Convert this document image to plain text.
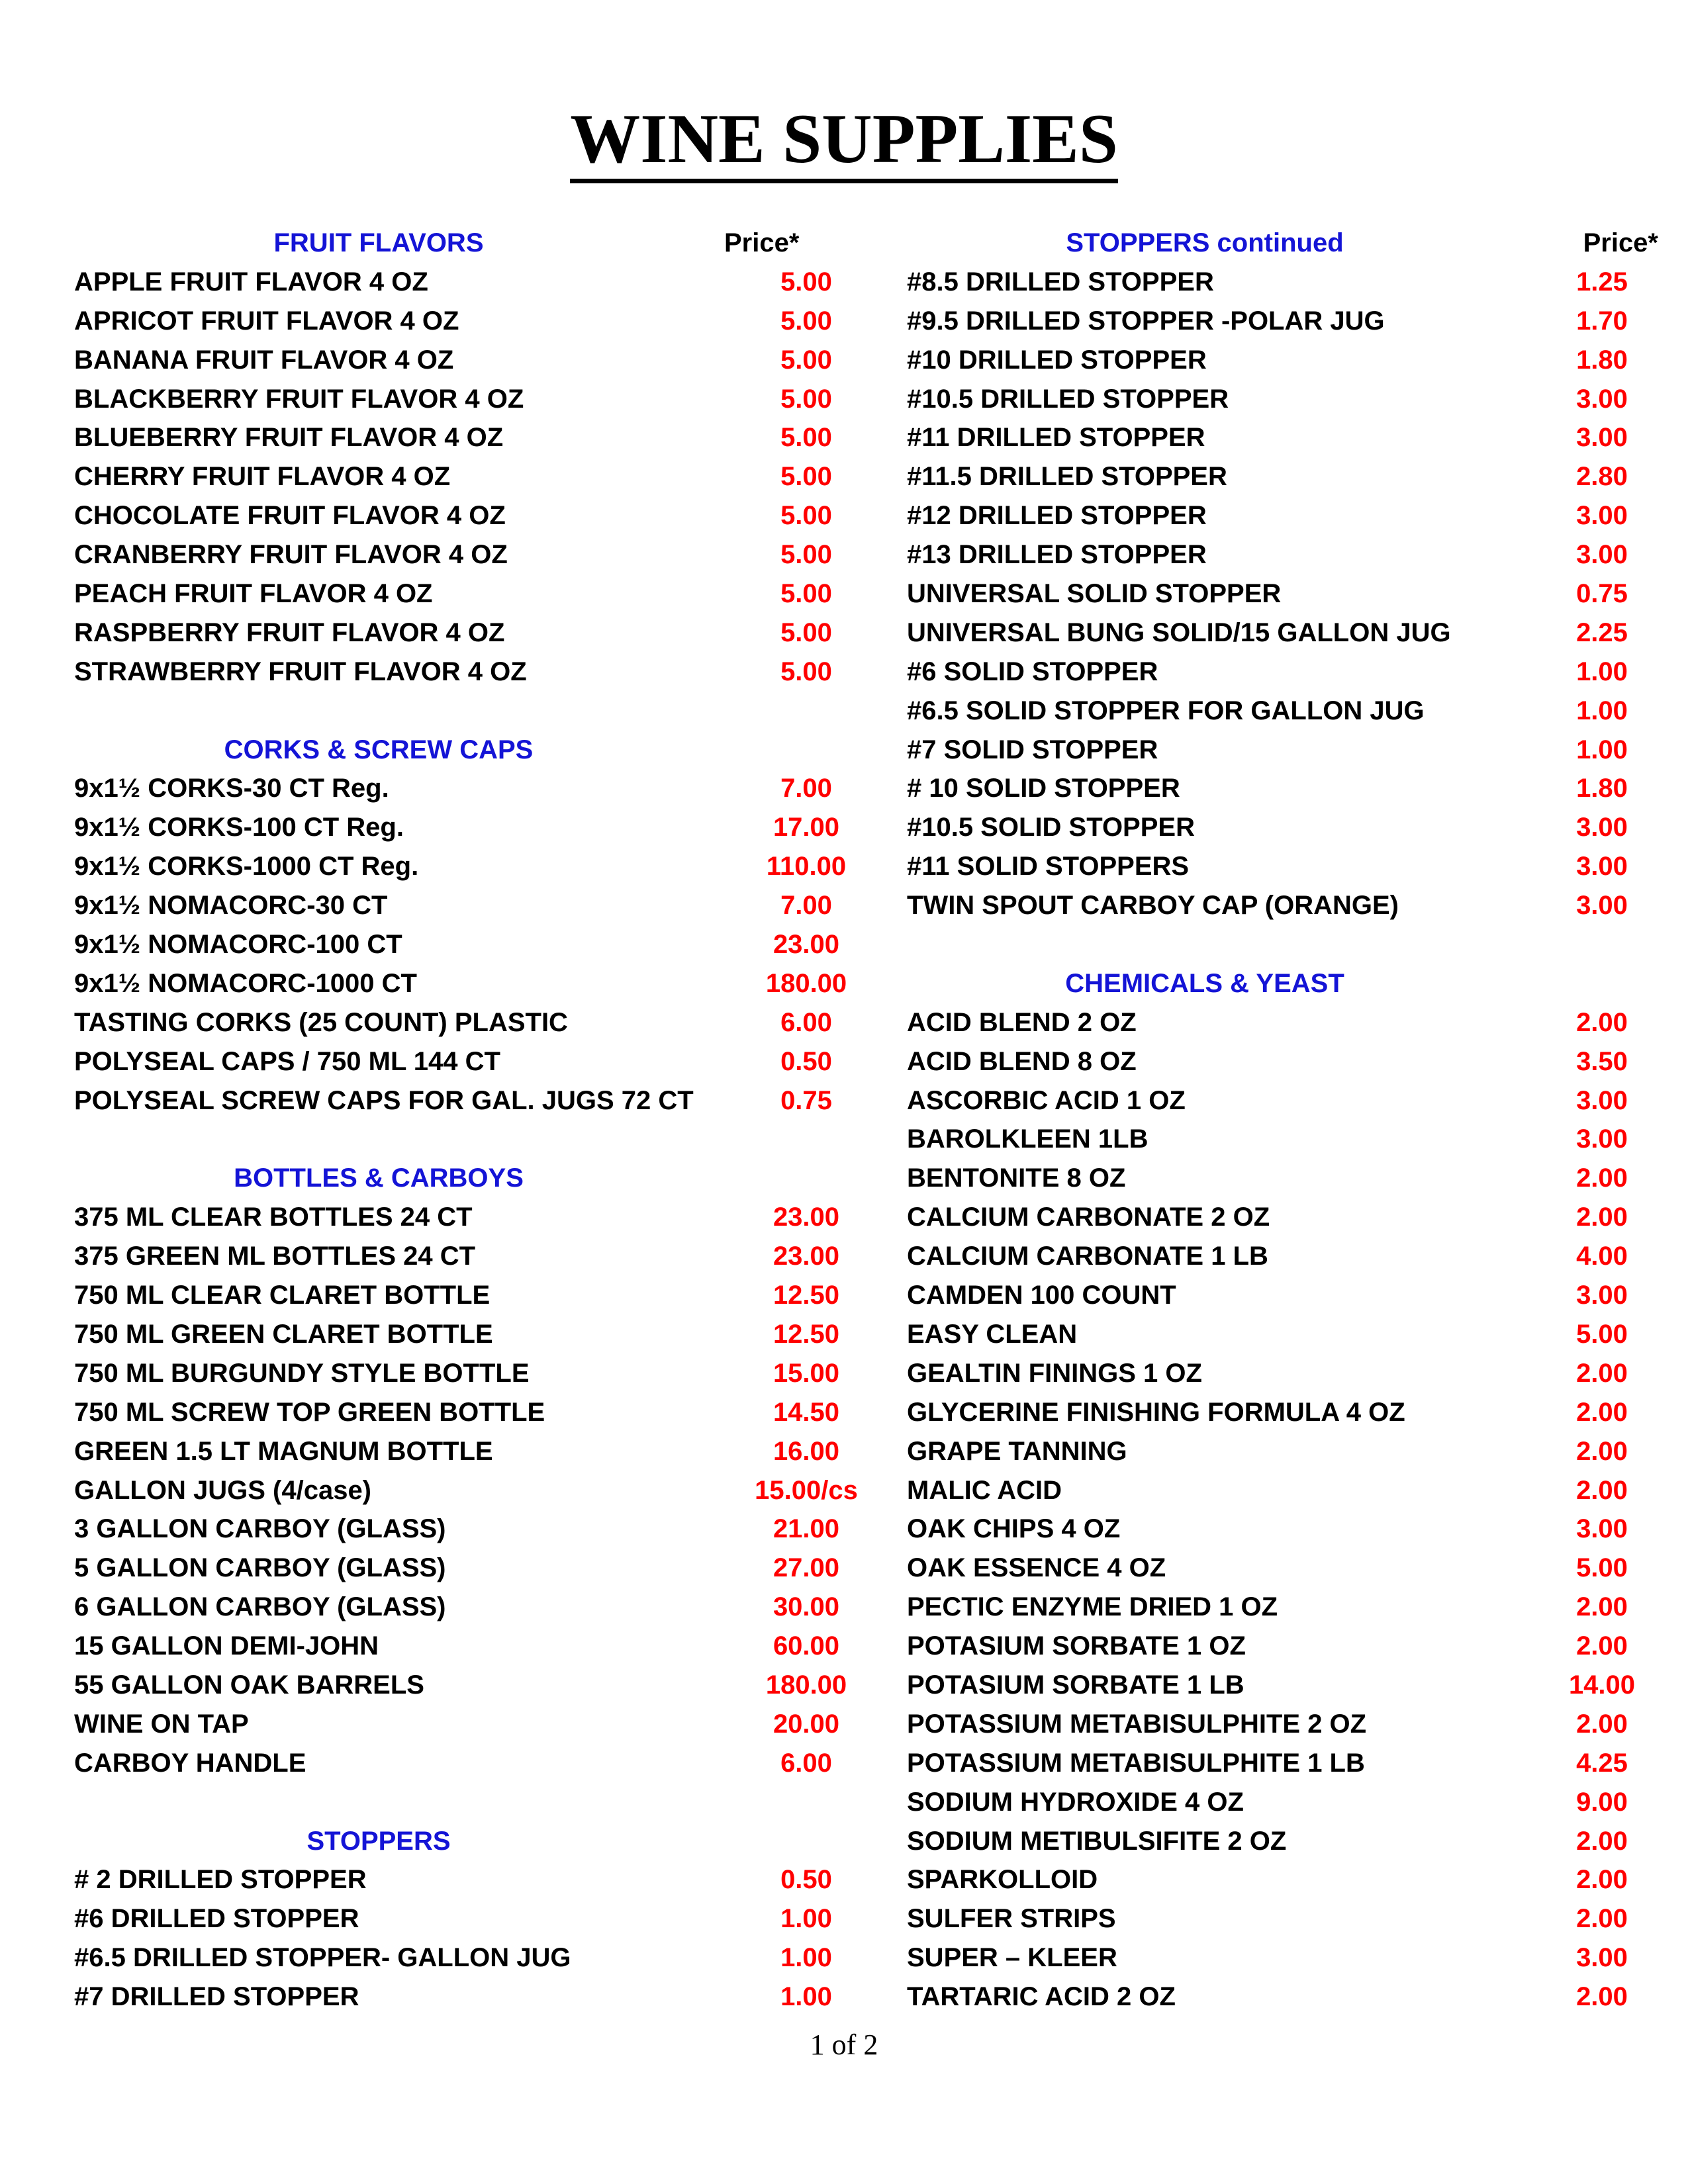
WINE SUPPLIES
FRUIT FLAVORS	Price*
APPLE FRUIT FLAVOR 4 OZ	5.00
APRICOT FRUIT FLAVOR 4 OZ	5.00
BANANA FRUIT FLAVOR 4 OZ	5.00
BLACKBERRY FRUIT FLAVOR 4 OZ	5.00
BLUEBERRY FRUIT FLAVOR 4 OZ	5.00
CHERRY FRUIT FLAVOR 4 OZ	5.00
CHOCOLATE FRUIT FLAVOR 4 OZ	5.00
CRANBERRY FRUIT FLAVOR 4 OZ	5.00
PEACH FRUIT FLAVOR 4 OZ	5.00
RASPBERRY FRUIT FLAVOR 4 OZ	5.00
STRAWBERRY FRUIT FLAVOR 4 OZ	5.00
CORKS & SCREW CAPS
9x1½ CORKS-30 CT Reg.	7.00
9x1½ CORKS-100 CT Reg.	17.00
9x1½ CORKS-1000 CT Reg.	110.00
9x1½ NOMACORC-30 CT	7.00
9x1½ NOMACORC-100 CT	23.00
9x1½ NOMACORC-1000 CT	180.00
TASTING CORKS (25 COUNT) PLASTIC	6.00
POLYSEAL CAPS / 750 ML 144 CT	0.50
POLYSEAL SCREW CAPS FOR GAL. JUGS 72 CT	0.75
BOTTLES & CARBOYS
375 ML CLEAR BOTTLES 24 CT	23.00
375 GREEN ML BOTTLES 24 CT	23.00
750 ML CLEAR CLARET BOTTLE	12.50
750 ML GREEN CLARET BOTTLE	12.50
750 ML BURGUNDY STYLE BOTTLE	15.00
750 ML SCREW TOP GREEN BOTTLE	14.50
GREEN 1.5 LT MAGNUM BOTTLE	16.00
GALLON JUGS (4/case)	15.00/cs
3 GALLON CARBOY (GLASS)	21.00
5 GALLON CARBOY (GLASS)	27.00
6 GALLON CARBOY (GLASS)	30.00
15 GALLON DEMI-JOHN	60.00
55 GALLON OAK BARRELS	180.00
WINE ON TAP	20.00
CARBOY HANDLE	6.00
STOPPERS
# 2 DRILLED STOPPER	0.50
#6 DRILLED STOPPER	1.00
#6.5 DRILLED STOPPER- GALLON JUG	1.00
#7 DRILLED STOPPER	1.00
STOPPERS continued	Price*
#8.5 DRILLED STOPPER	1.25
#9.5 DRILLED STOPPER -POLAR JUG	1.70
#10 DRILLED STOPPER	1.80
#10.5 DRILLED STOPPER	3.00
#11 DRILLED STOPPER	3.00
#11.5 DRILLED STOPPER	2.80
#12 DRILLED STOPPER	3.00
#13 DRILLED STOPPER	3.00
UNIVERSAL SOLID STOPPER	0.75
UNIVERSAL BUNG SOLID/15 GALLON JUG	2.25
#6 SOLID STOPPER	1.00
#6.5 SOLID STOPPER FOR GALLON JUG	1.00
#7 SOLID STOPPER	1.00
# 10 SOLID STOPPER	1.80
#10.5 SOLID STOPPER	3.00
#11 SOLID STOPPERS	3.00
TWIN SPOUT CARBOY CAP (ORANGE)	3.00
CHEMICALS & YEAST
ACID BLEND 2 OZ	2.00
ACID BLEND 8 OZ	3.50
ASCORBIC ACID 1 OZ	3.00
BAROLKLEEN 1LB	3.00
BENTONITE 8 OZ	2.00
CALCIUM CARBONATE 2 OZ	2.00
CALCIUM CARBONATE 1 LB	4.00
CAMDEN 100 COUNT	3.00
EASY CLEAN	5.00
GEALTIN FININGS 1 OZ	2.00
GLYCERINE FINISHING FORMULA 4 OZ	2.00
GRAPE TANNING	2.00
MALIC ACID	2.00
OAK CHIPS 4 OZ	3.00
OAK ESSENCE 4 OZ	5.00
PECTIC ENZYME DRIED 1 OZ	2.00
POTASIUM SORBATE 1 OZ	2.00
POTASIUM SORBATE 1 LB	14.00
POTASSIUM METABISULPHITE 2 OZ	2.00
POTASSIUM METABISULPHITE 1 LB	4.25
SODIUM HYDROXIDE 4 OZ	9.00
SODIUM METIBULSIFITE 2 OZ	2.00
SPARKOLLOID	2.00
SULFER STRIPS	2.00
SUPER – KLEER	3.00
TARTARIC ACID 2 OZ	2.00
1 of 2
